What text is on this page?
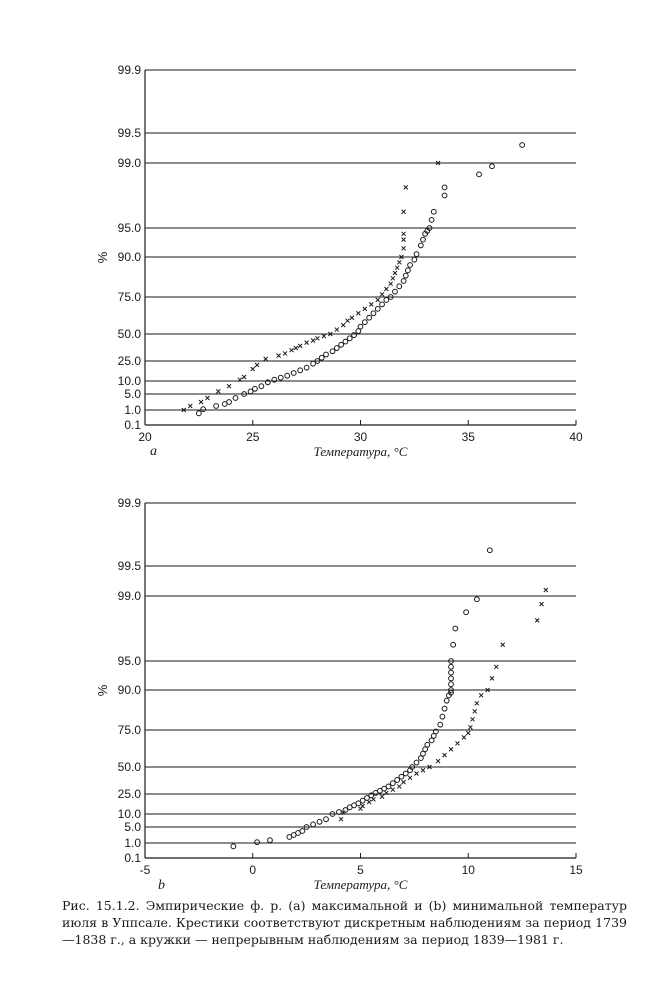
0.1
1.0
5.0
10.0
25.0
50.0
75.0
90.0
95.0
99.0
99.5
99.9
20	25	30	35	40
Температура, °C
%
a
0.1
1.0
5.0
10.0
25.0
50.0
75.0
90.0
95.0
99.0
99.5
99.9
-5	0	5	10	15
Температура, °C
%
b

Рис. 15.1.2. Эмпирические ф. р. (a) максимальной и (b) минимальной температур июля в Уппсале. Крестики соответствуют дискретным наблюдениям за период 1739—1838 г., а кружки — непрерывным наблюдениям за период 1839—1981 г.
